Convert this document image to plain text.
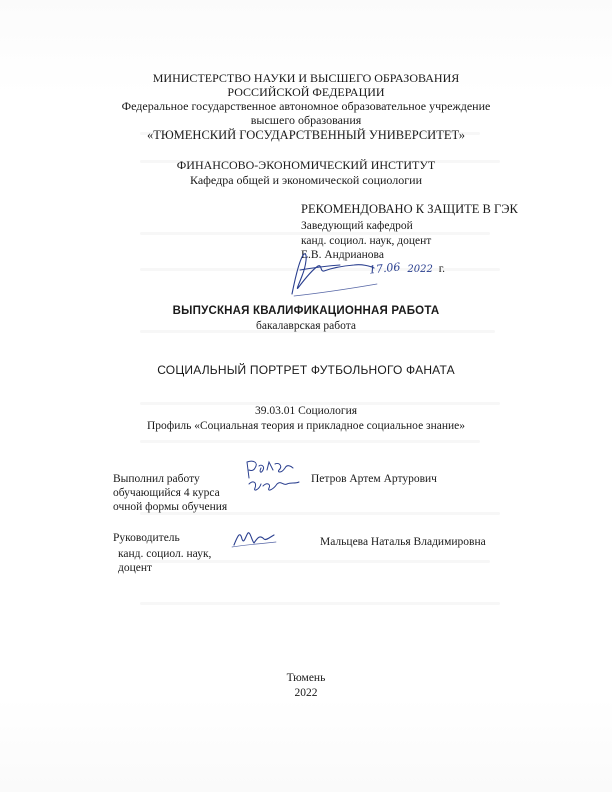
МИНИСТЕРСТВО НАУКИ И ВЫСШЕГО ОБРАЗОВАНИЯ
РОССИЙСКОЙ ФЕДЕРАЦИИ
Федеральное государственное автономное образовательное учреждение
высшего образования
«ТЮМЕНСКИЙ ГОСУДАРСТВЕННЫЙ УНИВЕРСИТЕТ»
ФИНАНСОВО-ЭКОНОМИЧЕСКИЙ ИНСТИТУТ
Кафедра общей и экономической социологии
РЕКОМЕНДОВАНО К ЗАЩИТЕ В ГЭК
Заведующий кафедрой
канд. социол. наук, доцент
Е.В. Андрианова
17.06 2022 г.
ВЫПУСКНАЯ КВАЛИФИКАЦИОННАЯ РАБОТА
бакалаврская работа
СОЦИАЛЬНЫЙ ПОРТРЕТ ФУТБОЛЬНОГО ФАНАТА
39.03.01 Социология
Профиль «Социальная теория и прикладное социальное знание»
Выполнил работу
обучающийся 4 курса
очной формы обучения
Петров Артем Артурович
Руководитель
канд. социол. наук,
доцент
Мальцева Наталья Владимировна
Тюмень
2022
